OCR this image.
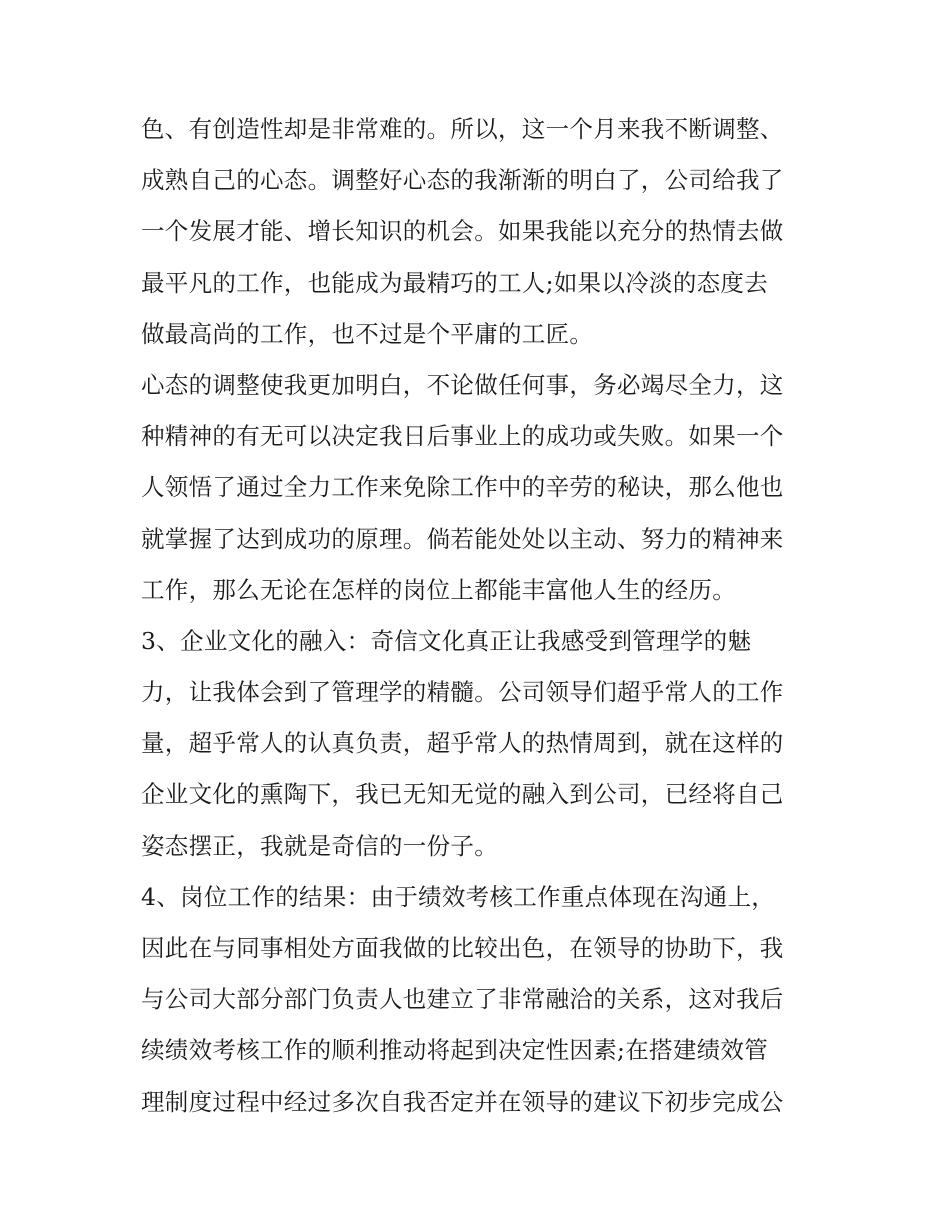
色、有创造性却是非常难的。所以，这一个月来我不断调整、
成熟自己的心态。调整好心态的我渐渐的明白了，公司给我了
一个发展才能、增长知识的机会。如果我能以充分的热情去做
最平凡的工作，也能成为最精巧的工人;如果以冷淡的态度去
做最高尚的工作，也不过是个平庸的工匠。
心态的调整使我更加明白，不论做任何事，务必竭尽全力，这
种精神的有无可以决定我日后事业上的成功或失败。如果一个
人领悟了通过全力工作来免除工作中的辛劳的秘诀，那么他也
就掌握了达到成功的原理。倘若能处处以主动、努力的精神来
工作，那么无论在怎样的岗位上都能丰富他人生的经历。
3、企业文化的融入：奇信文化真正让我感受到管理学的魅
力，让我体会到了管理学的精髓。公司领导们超乎常人的工作
量，超乎常人的认真负责，超乎常人的热情周到，就在这样的
企业文化的熏陶下，我已无知无觉的融入到公司，已经将自己
姿态摆正，我就是奇信的一份子。
4、岗位工作的结果：由于绩效考核工作重点体现在沟通上，
因此在与同事相处方面我做的比较出色，在领导的协助下，我
与公司大部分部门负责人也建立了非常融洽的关系，这对我后
续绩效考核工作的顺利推动将起到决定性因素;在搭建绩效管
理制度过程中经过多次自我否定并在领导的建议下初步完成公
